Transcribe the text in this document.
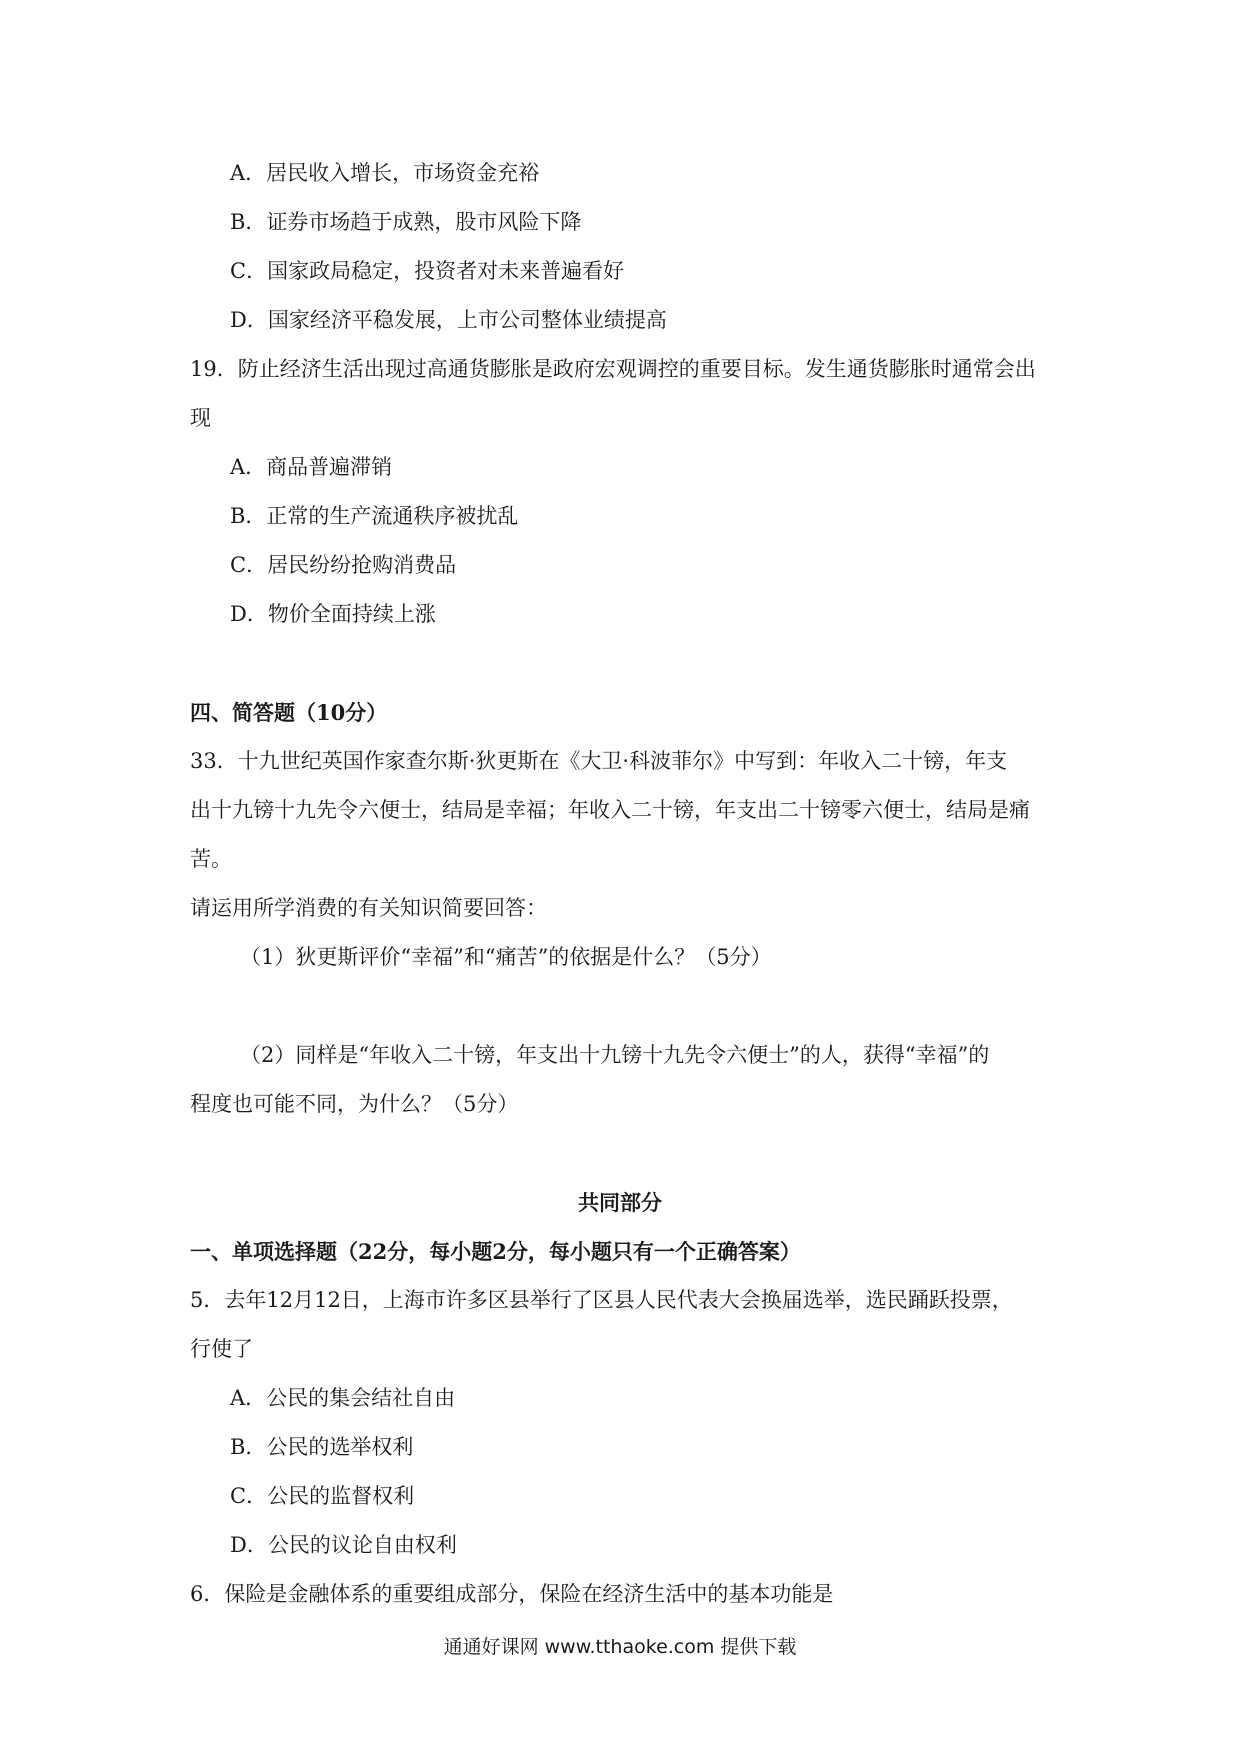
A．居民收入增长，市场资金充裕
B．证券市场趋于成熟，股市风险下降
C．国家政局稳定，投资者对未来普遍看好
D．国家经济平稳发展，上市公司整体业绩提高
19．防止经济生活出现过高通货膨胀是政府宏观调控的重要目标。发生通货膨胀时通常会出
现
A．商品普遍滞销
B．正常的生产流通秩序被扰乱
C．居民纷纷抢购消费品
D．物价全面持续上涨
四、简答题（10分）
33．十九世纪英国作家查尔斯·狄更斯在《大卫·科波菲尔》中写到：年收入二十镑，年支
出十九镑十九先令六便士，结局是幸福；年收入二十镑，年支出二十镑零六便士，结局是痛
苦。
请运用所学消费的有关知识简要回答：
（1）狄更斯评价“幸福”和“痛苦”的依据是什么？（5分）
（2）同样是“年收入二十镑，年支出十九镑十九先令六便士”的人，获得“幸福”的
程度也可能不同，为什么？（5分）
共同部分
一、单项选择题（22分，每小题2分，每小题只有一个正确答案）
5．去年12月12日，上海市许多区县举行了区县人民代表大会换届选举，选民踊跃投票，
行使了
A．公民的集会结社自由
B．公民的选举权利
C．公民的监督权利
D．公民的议论自由权利
6．保险是金融体系的重要组成部分，保险在经济生活中的基本功能是
通通好课网 www.tthaoke.com 提供下载
